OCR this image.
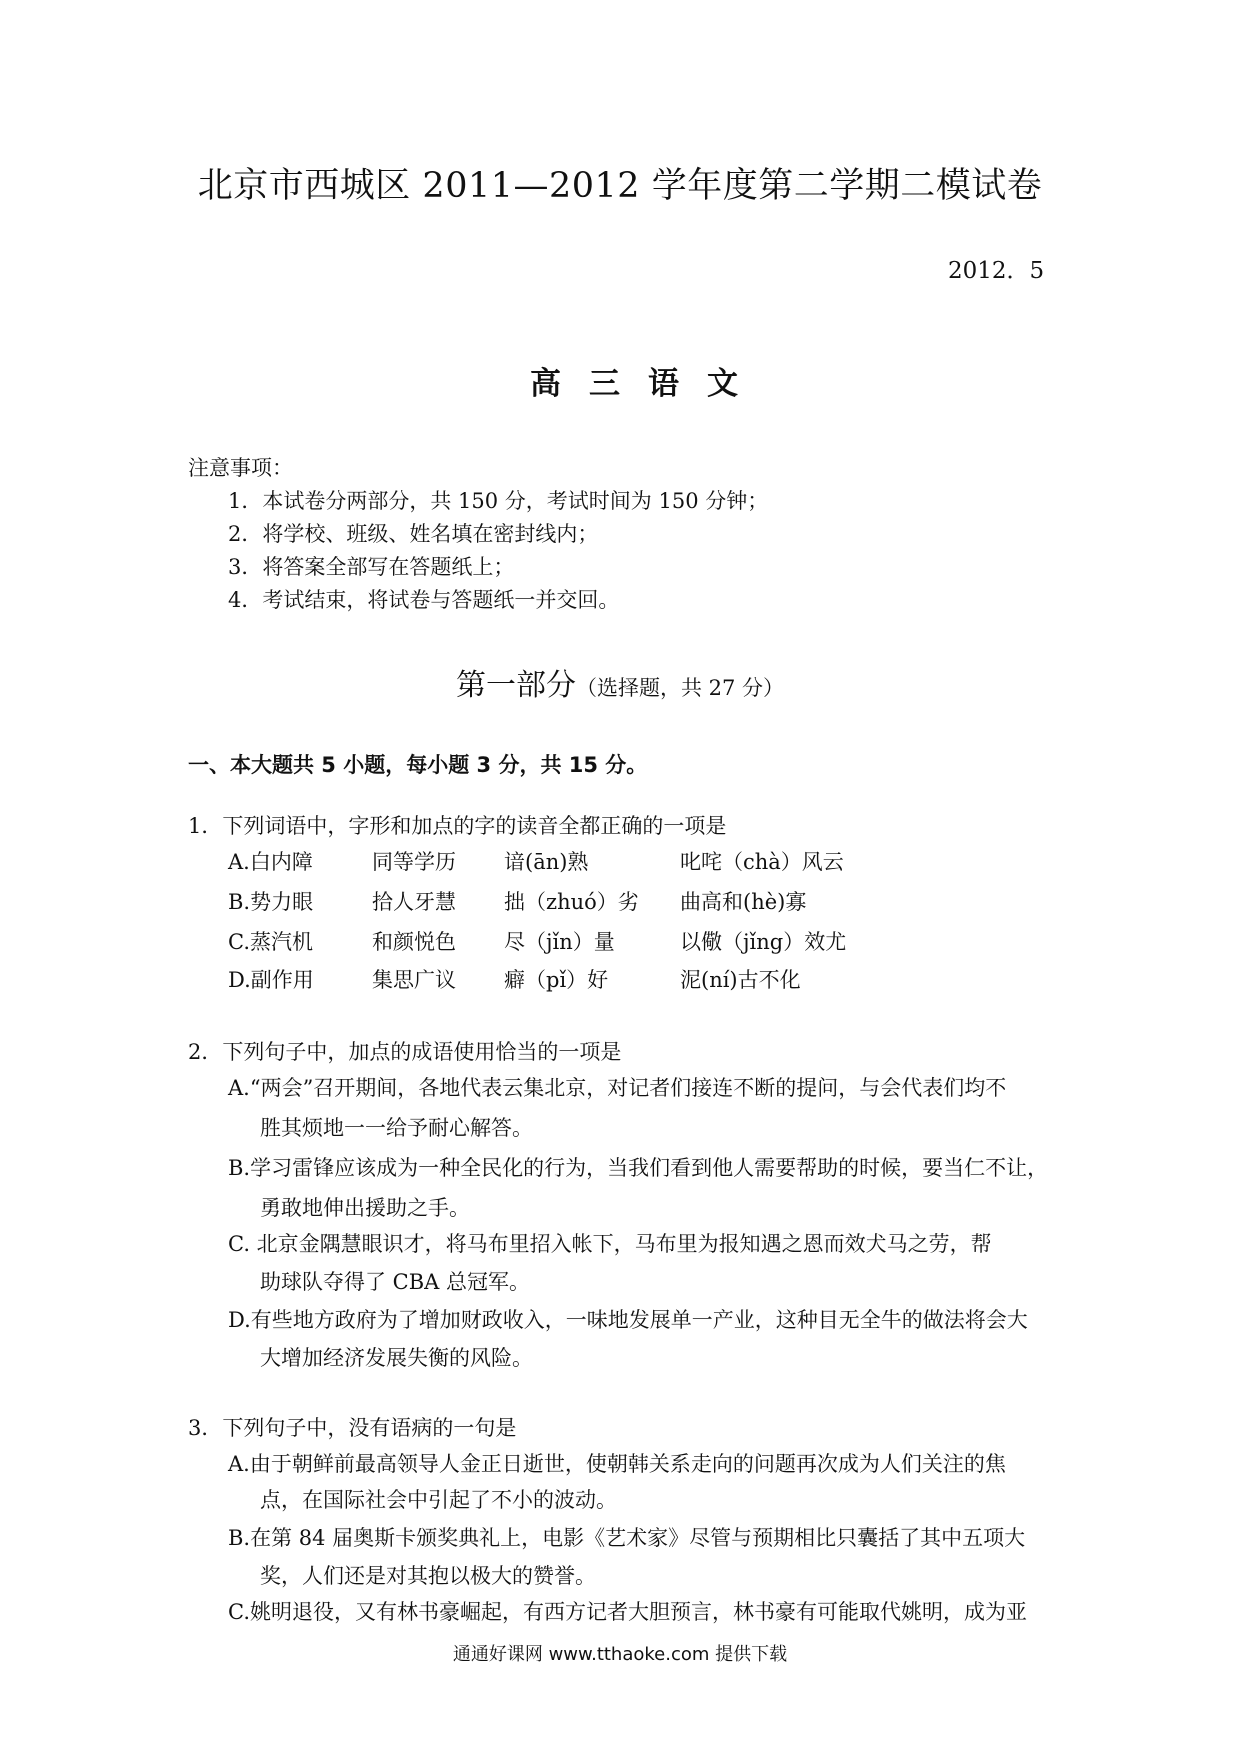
北京市西城区 2011—2012 学年度第二学期二模试卷
2012．5
高三语文
注意事项：
1．本试卷分两部分，共 150 分，考试时间为 150 分钟；
2．将学校、班级、姓名填在密封线内；
3．将答案全部写在答题纸上；
4．考试结束，将试卷与答题纸一并交回。
第一部分（选择题，共 27 分）
一、本大题共 5 小题，每小题 3 分，共 15 分。
1．下列词语中，字形和加点的字的读音全都正确的一项是
A.白内障	同等学历 谙(ān)熟	叱咤（chà）风云
B.势力眼	拾人牙慧 拙（zhuó）劣 曲高和(hè)寡
C.蒸汽机	和颜悦色 尽（jǐn）量	以儆（jǐng）效尤
D.副作用	集思广议 癖（pǐ）好	泥(ní)古不化
2．下列句子中，加点的成语使用恰当的一项是
A.“两会”召开期间，各地代表云集北京，对记者们接连不断的提问，与会代表们均不
胜其烦地一一给予耐心解答。
B.学习雷锋应该成为一种全民化的行为，当我们看到他人需要帮助的时候，要当仁不让，
勇敢地伸出援助之手。
C. 北京金隅慧眼识才，将马布里招入帐下，马布里为报知遇之恩而效犬马之劳，帮
助球队夺得了 CBA 总冠军。
D.有些地方政府为了增加财政收入，一味地发展单一产业，这种目无全牛的做法将会大
大增加经济发展失衡的风险。
3．下列句子中，没有语病的一句是
A.由于朝鲜前最高领导人金正日逝世，使朝韩关系走向的问题再次成为人们关注的焦
点，在国际社会中引起了不小的波动。
B.在第 84 届奥斯卡颁奖典礼上，电影《艺术家》尽管与预期相比只囊括了其中五项大
奖，人们还是对其抱以极大的赞誉。
C.姚明退役，又有林书豪崛起，有西方记者大胆预言，林书豪有可能取代姚明，成为亚
通通好课网 www.tthaoke.com 提供下载
